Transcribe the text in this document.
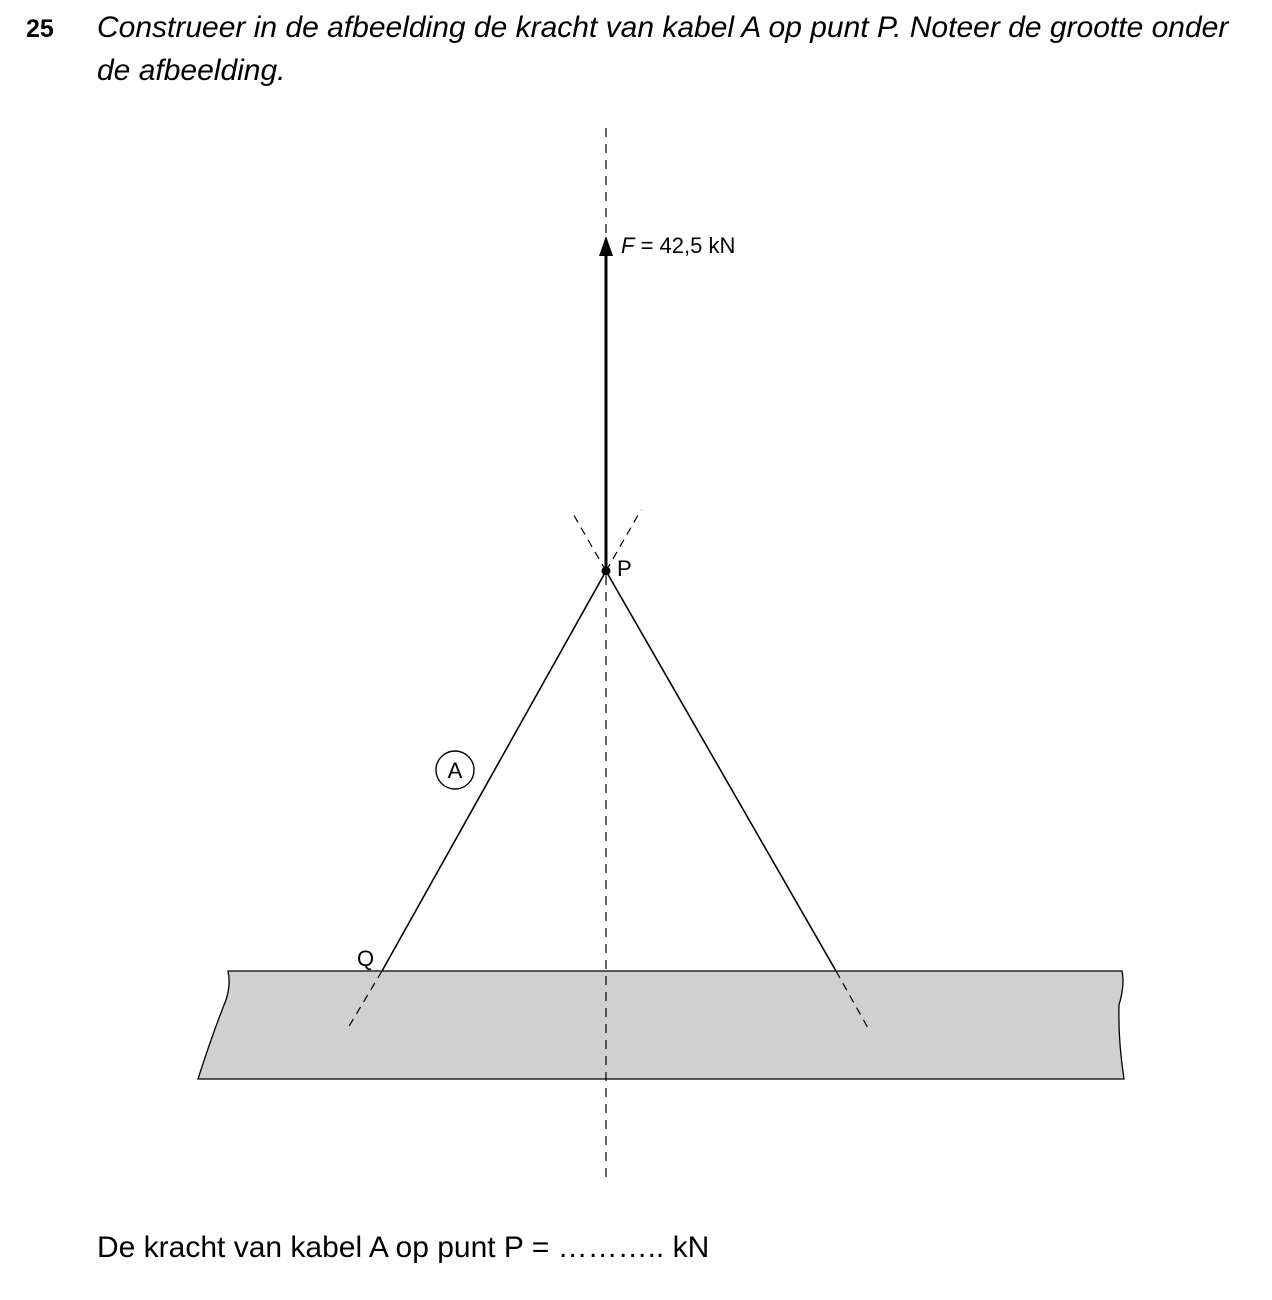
25 Construeer in de afbeelding de kracht van kabel A op punt P. Noteer de grootte onder de afbeelding.
F = 42,5 kN
P
Q
A
De kracht van kabel A op punt P = ……….. kN
